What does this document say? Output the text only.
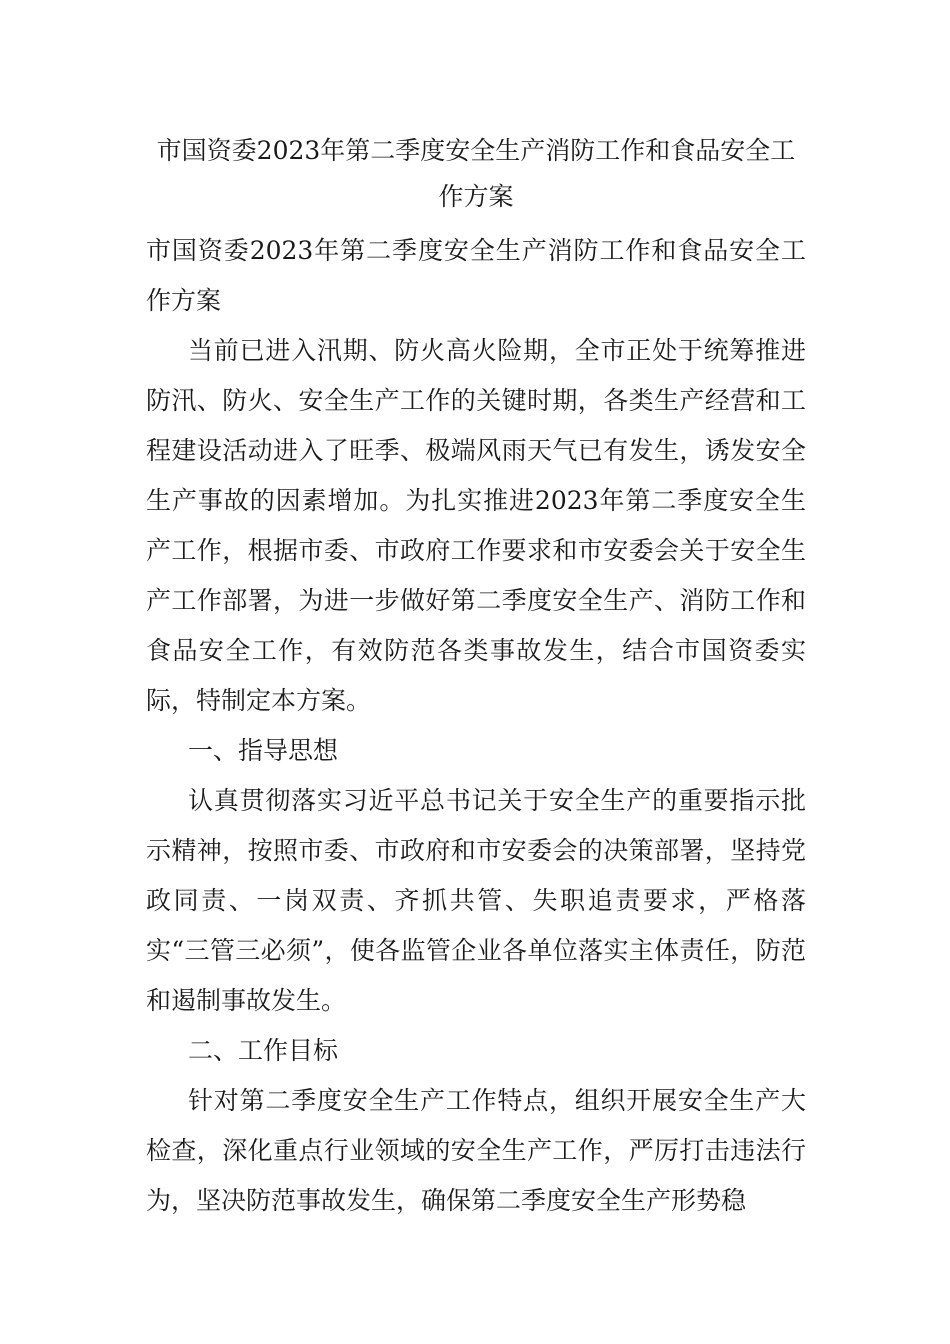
市国资委2023年第二季度安全生产消防工作和食品安全工作方案

市国资委2023年第二季度安全生产消防工作和食品安全工作方案

当前已进入汛期、防火高火险期，全市正处于统筹推进防汛、防火、安全生产工作的关键时期，各类生产经营和工程建设活动进入了旺季、极端风雨天气已有发生，诱发安全生产事故的因素增加。为扎实推进2023年第二季度安全生产工作，根据市委、市政府工作要求和市安委会关于安全生产工作部署，为进一步做好第二季度安全生产、消防工作和食品安全工作，有效防范各类事故发生，结合市国资委实际，特制定本方案。

一、指导思想

认真贯彻落实习近平总书记关于安全生产的重要指示批示精神，按照市委、市政府和市安委会的决策部署，坚持党政同责、一岗双责、齐抓共管、失职追责要求，严格落实“三管三必须”，使各监管企业各单位落实主体责任，防范和遏制事故发生。

二、工作目标

针对第二季度安全生产工作特点，组织开展安全生产大检查，深化重点行业领域的安全生产工作，严厉打击违法行为，坚决防范事故发生，确保第二季度安全生产形势稳
